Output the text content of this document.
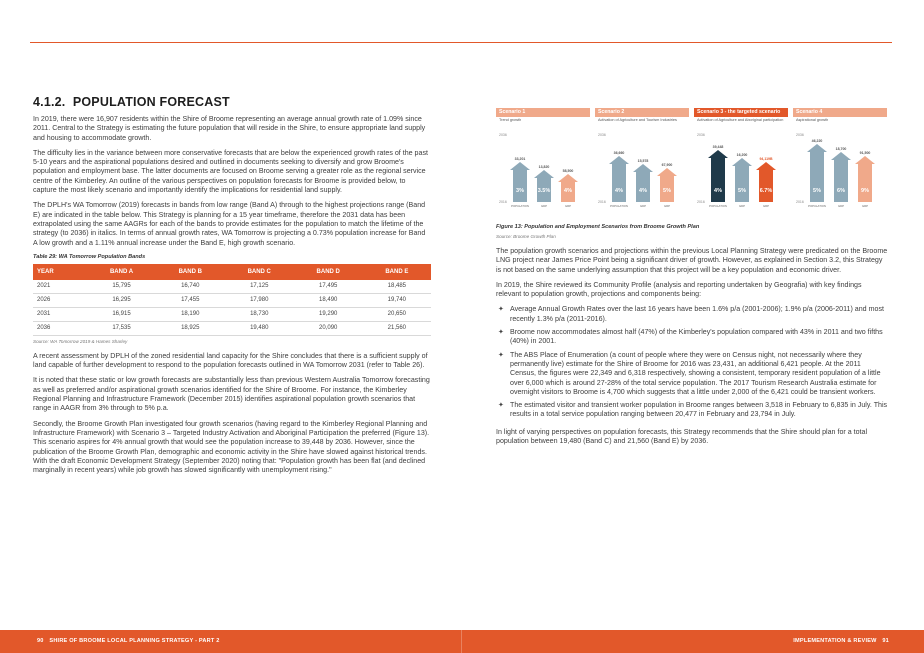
4.1.2. POPULATION FORECAST

In 2019, there were 16,907 residents within the Shire of Broome representing an average annual growth rate of 1.09% since 2011. Central to the Strategy is estimating the future population that will reside in the Shire, to ensure appropriate land supply and housing to accommodate growth.

The difficulty lies in the variance between more conservative forecasts that are below the experienced growth rates of the past 5-10 years and the aspirational populations desired and outlined in documents seeking to diversify and grow Broome's population and employment base. The latter documents are focused on Broome serving a greater role as the regional service centre of the Kimberley. An outline of the various perspectives on population forecasts for Broome is provided below, to capture the most likely scenario and importantly identify the implications for residential land supply.

The DPLH's WA Tomorrow (2019) forecasts in bands from low range (Band A) through to the highest projections range (Band E) are indicated in the table below. This Strategy is planning for a 15 year timeframe, therefore the 2031 data has been extrapolated using the same AAGRs for each of the bands to provide estimates for the population to match the lifetime of the strategy (to 2036) in italics. In terms of annual growth rates, WA Tomorrow is projecting a 0.73% population increase for Band A low growth and a 1.11% annual increase under the Band E, high growth scenario.

Table 29: WA Tomorrow Population Bands
YEAR	BAND A	BAND B	BAND C	BAND D	BAND E
2021	15,795	16,740	17,125	17,495	18,485
2026	16,295	17,455	17,980	18,490	19,740
2031	16,915	18,190	18,730	19,290	20,650
2036	17,535	18,925	19,480	20,090	21,560
Source: WA Tomorrow 2019 & Hames Sharley

A recent assessment by DPLH of the zoned residential land capacity for the Shire concludes that there is a sufficient supply of land capable of further development to respond to the population forecasts outlined in WA Tomorrow 2031 (refer to Table 26).

It is noted that these static or low growth forecasts are substantially less than previous Western Australia Tomorrow forecasting as well as preferred and/or aspirational growth scenarios identified for the Shire of Broome. For instance, the Kimberley Regional Planning and Infrastructure Framework (December 2015) identifies aspirational population growth scenarios that range in AAGR from 3% through to 5% p.a.

Secondly, the Broome Growth Plan investigated four growth scenarios (having regard to the Kimberley Regional Planning and Infrastructure Framework) with Scenario 3 – Targeted Industry Activation and Aboriginal Participation the preferred (Figure 13). This scenario aspires for 4% annual growth that would see the population increase to 39,448 by 2036. However, since the publication of the Broome Growth Plan, demographic and economic activity in the Shire have slowed against historical trends. With the draft Economic Development Strategy (September 2020) noting that: "Population growth has been flat (and declined marginally in recent years) while job growth has slowed significantly with unemployment rising."

Scenario 1
Trend growth
2036
2016
3%
33,201
POPULATION
3.5%
13,820
GDP
4%
58,500
GRP
Scenario 2
Activation of Agriculture and Tourism Industries
2036
2016
4%
36,660
POPULATION
4%
15,578
GDP
5%
67,900
GRP
Scenario 3 - the targeted scenario
Activation of Agriculture and Aboriginal participation
2036
2016
4%
39,448
POPULATION
5%
16,200
GDP
6.7%
94,119B
GRP
Scenario 4
Aspirational growth
2036
2016
5%
46,220
POPULATION
6%
18,700
GDP
9%
91,500
GRP
Figure 13: Population and Employment Scenarios from Broome Growth Plan
Source: Broome Growth Plan

The population growth scenarios and projections within the previous Local Planning Strategy were predicated on the Broome LNG project near James Price Point being a significant driver of growth. However, as explained in Section 3.2, this Strategy is not based on the same underlying assumption that this project will be a key population and economic driver.

In 2019, the Shire reviewed its Community Profile (analysis and reporting undertaken by Geografia) with key findings relevant to population growth, projections and components being:

✦ Average Annual Growth Rates over the last 16 years have been 1.6% p/a (2001-2006); 1.9% p/a (2006-2011) and most recently 1.3% p/a (2011-2016).
✦ Broome now accommodates almost half (47%) of the Kimberley's population compared with 43% in 2011 and two fifths (40%) in 2001.
✦ The ABS Place of Enumeration (a count of people where they were on Census night, not necessarily where they permanently live) estimate for the Shire of Broome for 2016 was 23,431, an additional 6,421 people. At the 2011 Census, the figures were 22,349 and 6,318 respectively, showing a consistent, temporary resident population of a little over 6,000 which is around 27-28% of the total service population. The 2017 Tourism Research Australia estimate for overnight visitors to Broome is 4,700 which suggests that a little under 2,000 of the 6,421 could be transient workers.
✦ The estimated visitor and transient worker population in Broome ranges between 3,518 in February to 6,835 in July. This results in a total service population ranging between 20,477 in February and 23,794 in July.

In light of varying perspectives on population forecasts, this Strategy recommends that the Shire should plan for a total population between 19,480 (Band C) and 21,560 (Band E) by 2036.

90 SHIRE OF BROOME LOCAL PLANNING STRATEGY - PART 2	IMPLEMENTATION & REVIEW 91
